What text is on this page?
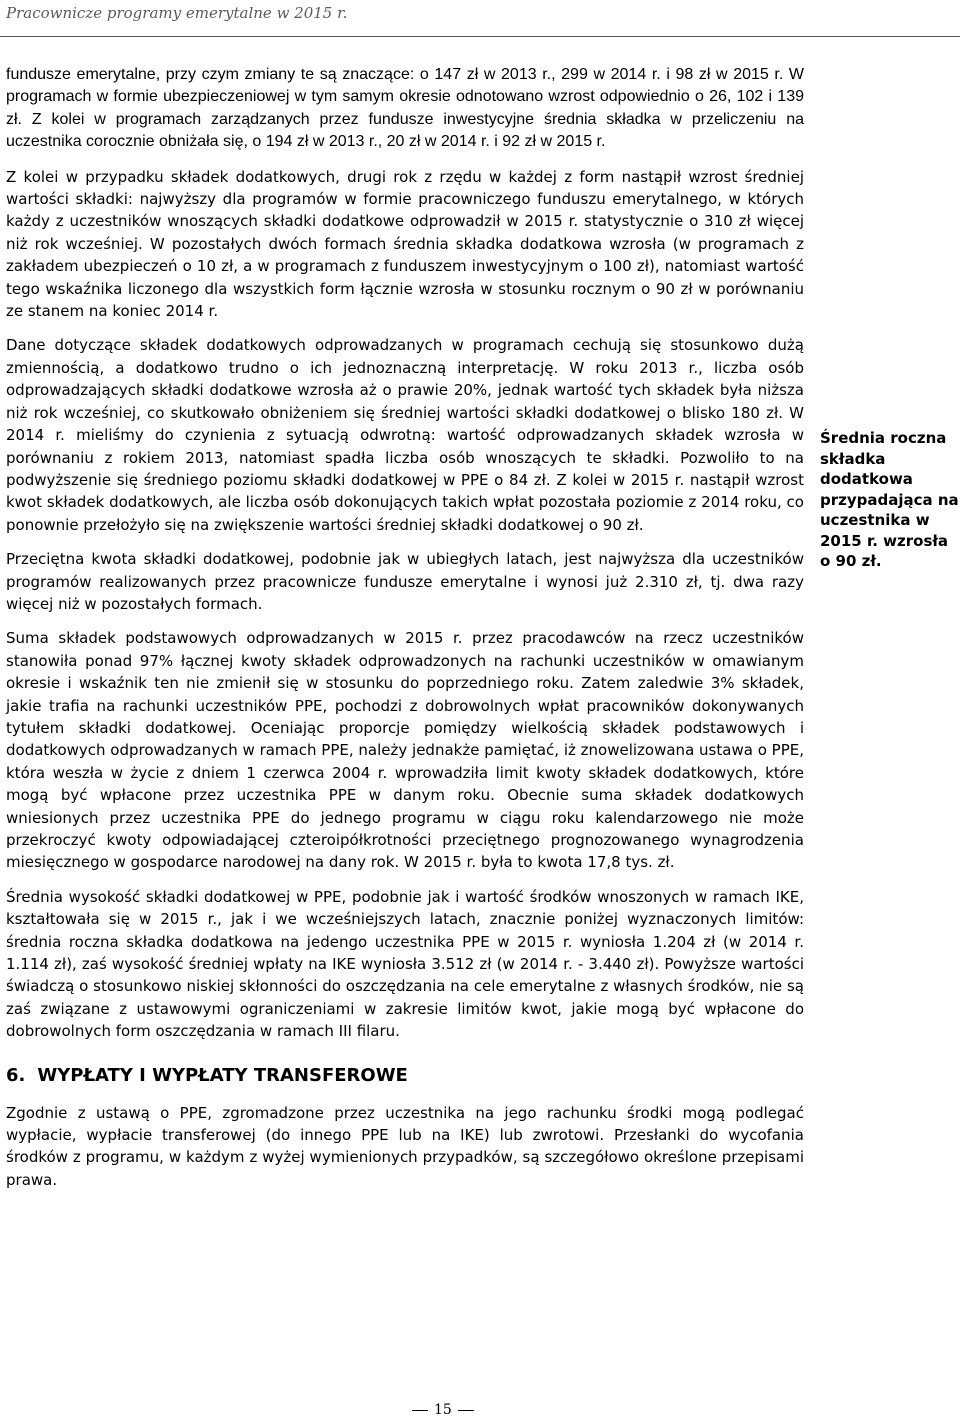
Pracownicze programy emerytalne w 2015 r.

fundusze emerytalne, przy czym zmiany te są znaczące: o 147 zł w 2013 r., 299 w 2014 r. i 98 zł w 2015 r. W programach w formie ubezpieczeniowej w tym samym okresie odnotowano wzrost odpowiednio o 26, 102 i 139 zł. Z kolei w programach zarządzanych przez fundusze inwestycyjne średnia składka w przeliczeniu na uczestnika corocznie obniżała się, o 194 zł w 2013 r., 20 zł w 2014 r. i 92 zł w 2015 r.

Z kolei w przypadku składek dodatkowych, drugi rok z rzędu w każdej z form nastąpił wzrost średniej wartości składki: najwyższy dla programów w formie pracowniczego funduszu emerytalnego, w których każdy z uczestników wnoszących składki dodatkowe odprowadził w 2015 r. statystycznie o 310 zł więcej niż rok wcześniej. W pozostałych dwóch formach średnia składka dodatkowa wzrosła (w programach z zakładem ubezpieczeń o 10 zł, a w programach z funduszem inwestycyjnym o 100 zł), natomiast wartość tego wskaźnika liczonego dla wszystkich form łącznie wzrosła w stosunku rocznym o 90 zł w porównaniu ze stanem na koniec 2014 r.

Dane dotyczące składek dodatkowych odprowadzanych w programach cechują się stosunkowo dużą zmiennością, a dodatkowo trudno o ich jednoznaczną interpretację. W roku 2013 r., liczba osób odprowadzających składki dodatkowe wzrosła aż o prawie 20%, jednak wartość tych składek była niższa niż rok wcześniej, co skutkowało obniżeniem się średniej wartości składki dodatkowej o blisko 180 zł. W 2014 r. mieliśmy do czynienia z sytuacją odwrotną: wartość odprowadzanych składek wzrosła w porównaniu z rokiem 2013, natomiast spadła liczba osób wnoszących te składki. Pozwoliło to na podwyższenie się średniego poziomu składki dodatkowej w PPE o 84 zł. Z kolei w 2015 r. nastąpił wzrost kwot składek dodatkowych, ale liczba osób dokonujących takich wpłat pozostała poziomie z 2014 roku, co ponownie przełożyło się na zwiększenie wartości średniej składki dodatkowej o 90 zł.

Przeciętna kwota składki dodatkowej, podobnie jak w ubiegłych latach, jest najwyższa dla uczestników programów realizowanych przez pracownicze fundusze emerytalne i wynosi już 2.310 zł, tj. dwa razy więcej niż w pozostałych formach.

Suma składek podstawowych odprowadzanych w 2015 r. przez pracodawców na rzecz uczestników stanowiła ponad 97% łącznej kwoty składek odprowadzonych na rachunki uczestników w omawianym okresie i wskaźnik ten nie zmienił się w stosunku do poprzedniego roku. Zatem zaledwie 3% składek, jakie trafia na rachunki uczestników PPE, pochodzi z dobrowolnych wpłat pracowników dokonywanych tytułem składki dodatkowej. Oceniając proporcje pomiędzy wielkością składek podstawowych i dodatkowych odprowadzanych w ramach PPE, należy jednakże pamiętać, iż znowelizowana ustawa o PPE, która weszła w życie z dniem 1 czerwca 2004 r. wprowadziła limit kwoty składek dodatkowych, które mogą być wpłacone przez uczestnika PPE w danym roku. Obecnie suma składek dodatkowych wniesionych przez uczestnika PPE do jednego programu w ciągu roku kalendarzowego nie może przekroczyć kwoty odpowiadającej czteroipółkrotności przeciętnego prognozowanego wynagrodzenia miesięcznego w gospodarce narodowej na dany rok. W 2015 r. była to kwota 17,8 tys. zł.

Średnia wysokość składki dodatkowej w PPE, podobnie jak i wartość środków wnoszonych w ramach IKE, kształtowała się w 2015 r., jak i we wcześniejszych latach, znacznie poniżej wyznaczonych limitów: średnia roczna składka dodatkowa na jedengo uczestnika PPE w 2015 r. wyniosła 1.204 zł (w 2014 r. 1.114 zł), zaś wysokość średniej wpłaty na IKE wyniosła 3.512 zł (w 2014 r. - 3.440 zł). Powyższe wartości świadczą o stosunkowo niskiej skłonności do oszczędzania na cele emerytalne z własnych środków, nie są zaś związane z ustawowymi ograniczeniami w zakresie limitów kwot, jakie mogą być wpłacone do dobrowolnych form oszczędzania w ramach III filaru.

6. WYPŁATY I WYPŁATY TRANSFEROWE

Zgodnie z ustawą o PPE, zgromadzone przez uczestnika na jego rachunku środki mogą podlegać wypłacie, wypłacie transferowej (do innego PPE lub na IKE) lub zwrotowi. Przesłanki do wycofania środków z programu, w każdym z wyżej wymienionych przypadków, są szczegółowo określone przepisami prawa.

Średnia roczna składka dodatkowa przypadająca na uczestnika w 2015 r. wzrosła o 90 zł.
15
